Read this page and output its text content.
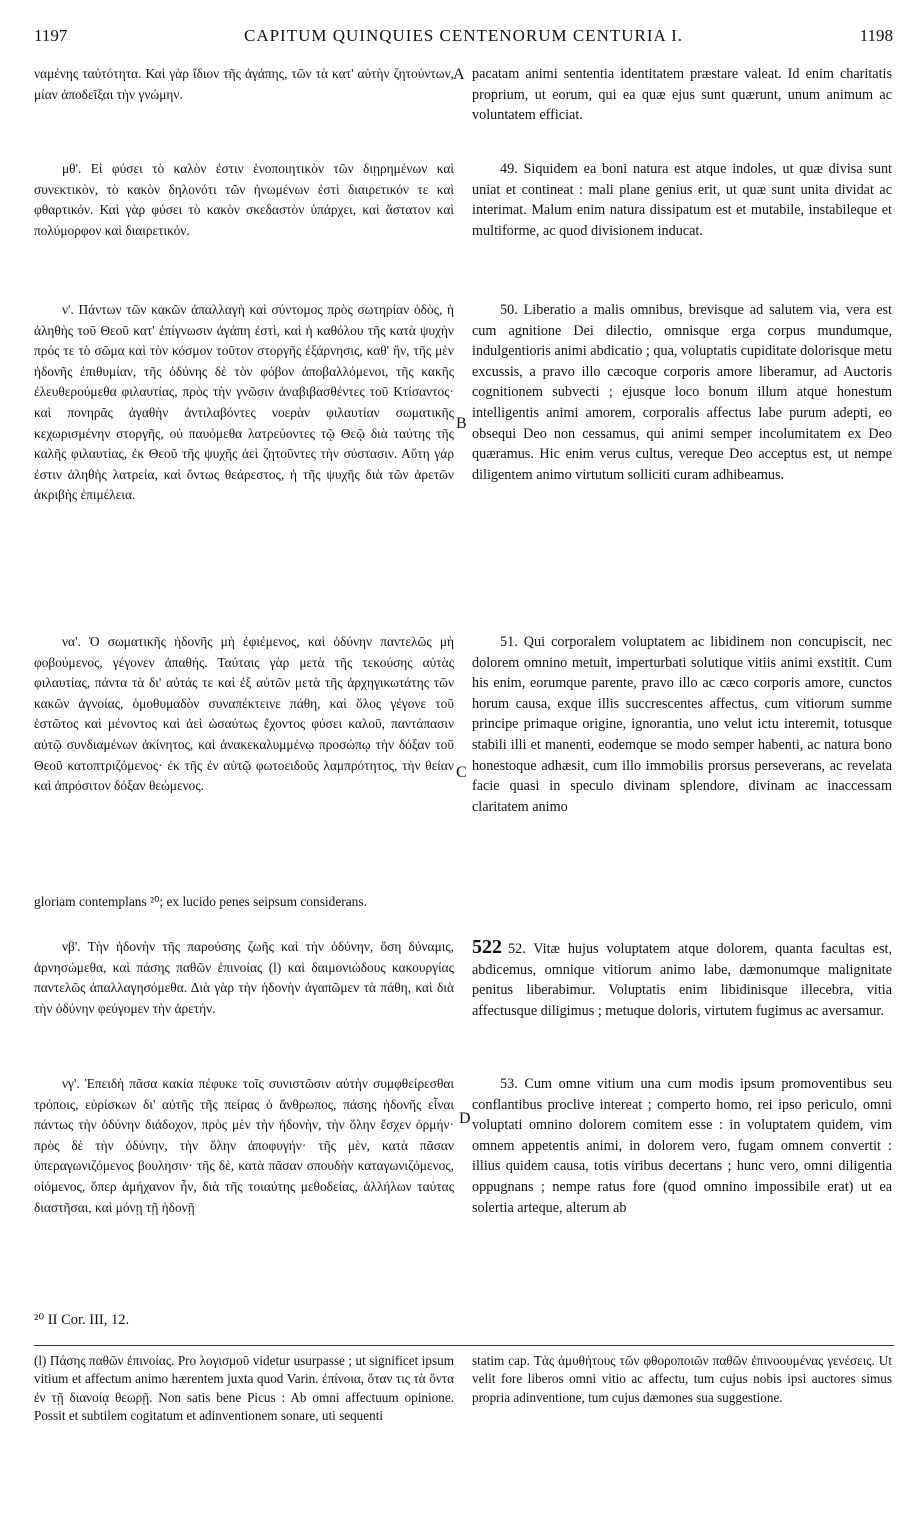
1197	CAPITUM QUINQUIES CENTENORUM CENTURIA I.	1198

ναμένης ταὐτότητα. Καὶ γὰρ ἴδιον τῆς ἀγάπης, τῶν τὰ κατ' αὐτὴν ζητούντων, μίαν ἀποδεῖξαι τὴν γνώμην.

μθ'. Εἰ φύσει τὸ καλὸν ἐστιν ἑνοποιητικὸν τῶν διῃρημένων καὶ συνεκτικὸν, τὸ κακὸν δηλονότι τῶν ἡνωμένων ἐστὶ διαιρετικόν τε καὶ φθαρτικόν. Καὶ γὰρ φύσει τὸ κακὸν σκεδαστὸν ὑπάρχει, καὶ ἄστατον καὶ πολύμορφον καὶ διαιρετικόν.

ν'. Πάντων τῶν κακῶν ἀπαλλαγὴ καὶ σύντομος πρὸς σωτηρίαν ὁδὸς, ἡ ἀληθὴς τοῦ Θεοῦ κατ' ἐπίγνωσιν ἀγάπη ἐστὶ, καὶ ἡ καθόλου τῆς κατὰ ψυχὴν πρός τε τὸ σῶμα καὶ τὸν κόσμον τοῦτον στοργῆς ἐξάρνησις, καθ' ἣν, τῆς μὲν ἡδονῆς ἐπιθυμίαν, τῆς ὀδύνης δὲ τὸν φόβον ἀποβαλλόμενοι, τῆς κακῆς ἐλευθερούμεθα φιλαυτίας, πρὸς τὴν γνῶσιν ἀναβιβασθέντες τοῦ Κτίσαντος· καὶ πονηρᾶς ἀγαθὴν ἀντιλαβόντες νοερὰν φιλαυτίαν σωματικῆς κεχωρισμένην στοργῆς, οὐ παυόμεθα λατρεύοντες τῷ Θεῷ διὰ ταύτης τῆς καλῆς φιλαυτίας, ἐκ Θεοῦ τῆς ψυχῆς ἀεὶ ζητοῦντες τὴν σύστασιν. Αὕτη γάρ ἐστιν ἀληθὴς λατρεία, καὶ ὄντως θεάρεστος, ἡ τῆς ψυχῆς διὰ τῶν ἀρετῶν ἀκριβὴς ἐπιμέλεια.

να'. Ὁ σωματικῆς ἡδονῆς μὴ ἐφιέμενος, καὶ ὀδύνην παντελῶς μὴ φοβούμενος, γέγονεν ἀπαθής. Ταύταις γὰρ μετὰ τῆς τεκούσης αὐτὰς φιλαυτίας, πάντα τὰ δι' αὐτάς τε καὶ ἐξ αὐτῶν μετὰ τῆς ἀρχηγικωτάτης τῶν κακῶν ἀγνοίας, ὁμοθυμαδὸν συναπέκτεινε πάθη, καὶ ὅλος γέγονε τοῦ ἑστῶτος καὶ μένοντος καὶ ἀεὶ ὡσαύτως ἔχοντος φύσει καλοῦ, παντάπασιν αὐτῷ συνδιαμένων ἀκίνητος, καὶ ἀνακεκαλυμμένῳ προσώπῳ τὴν δόξαν τοῦ Θεοῦ κατοπτριζόμενος· ἐκ τῆς ἐν αὐτῷ φωτοειδοῦς λαμπρότητος, τὴν θείαν καὶ ἀπρόσιτον δόξαν θεώμενος.

gloriam contemplans ²⁰; ex lucido penes seipsum considerans.

νβ'. Τὴν ἡδονὴν τῆς παρούσης ζωῆς καὶ τὴν ὀδύνην, ὅση δύναμις, ἀρνησώμεθα, καὶ πάσης παθῶν ἐπινοίας (l) καὶ δαιμονιώδους κακουργίας παντελῶς ἀπαλλαγησόμεθα. Διὰ γὰρ τὴν ἡδονὴν ἀγαπῶμεν τὰ πάθη, καὶ διὰ τὴν ὀδύνην φεύγομεν τὴν ἀρετήν.

νγ'. Ἐπειδὴ πᾶσα κακία πέφυκε τοῖς συνιστῶσιν αὐτὴν συμφθείρεσθαι τρόποις, εὑρίσκων δι' αὐτῆς τῆς πείρας ὁ ἄνθρωπος, πάσης ἡδονῆς εἶναι πάντως τὴν ὀδύνην διάδοχον, πρὸς μὲν τὴν ἡδονὴν, τὴν ὅλην ἔσχεν ὁρμήν· πρὸς δὲ τὴν ὀδύνην, τὴν ὅλην ἀποφυγήν· τῆς μὲν, κατὰ πᾶσαν ὑπεραγωνιζόμενος βουλησιν· τῆς δὲ, κατὰ πᾶσαν σπουδὴν καταγωνιζόμενος, οἰόμενος, ὅπερ ἀμήχανον ἦν, διὰ τῆς τοιαύτης μεθοδείας, ἀλλήλων ταύτας διαστῆσαι, καὶ μόνῃ τῇ ἡδονῇ

A
B
C
D

pacatam animi sententia identitatem præstare valeat. Id enim charitatis proprium, ut eorum, qui ea quæ ejus sunt quærunt, unum animum ac voluntatem efficiat.

49. Siquidem ea boni natura est atque indoles, ut quæ divisa sunt uniat et contineat : mali plane genius erit, ut quæ sunt unita dividat ac interimat. Malum enim natura dissipatum est et mutabile, instabileque et multiforme, ac quod divisionem inducat.

50. Liberatio a malis omnibus, brevisque ad salutem via, vera est cum agnitione Dei dilectio, omnisque erga corpus mundumque, indulgentioris animi abdicatio ; qua, voluptatis cupiditate dolorisque metu excussis, a pravo illo cæcoque corporis amore liberamur, ad Auctoris cognitionem subvecti ; ejusque loco bonum illum atque honestum intelligentis animi amorem, corporalis affectus labe purum adepti, eo obsequi Deo non cessamus, qui animi semper incolumitatem ex Deo quæramus. Hic enim verus cultus, vereque Deo acceptus est, ut nempe diligentem animo virtutum solliciti curam adhibeamus.

51. Qui corporalem voluptatem ac libidinem non concupiscit, nec dolorem omnino metuit, imperturbati solutique vitiis animi exstitit. Cum his enim, eorumque parente, pravo illo ac cæco corporis amore, cunctos horum causa, exque illis succrescentes affectus, cum vitiorum summe principe primaque origine, ignorantia, uno velut ictu interemit, totusque stabili illi et manenti, eodemque se modo semper habenti, ac natura bono honestoque adhæsit, cum illo immobilis prorsus perseverans, ac revelata facie quasi in speculo divinam splendore, divinam ac inaccessam claritatem animo

522 52. Vitæ hujus voluptatem atque dolorem, quanta facultas est, abdicemus, omnique vitiorum animo labe, dæmonumque malignitate penitus liberabimur. Voluptatis enim libidinisque illecebra, vitia affectusque diligimus ; metuque doloris, virtutem fugimus ac aversamur.

53. Cum omne vitium una cum modis ipsum promoventibus seu conflantibus proclive intereat ; comperto homo, rei ipso periculo, omni voluptati omnino dolorem comitem esse : in voluptatem quidem, vim omnem appetentis animi, in dolorem vero, fugam omnem convertit : illius quidem causa, totis viribus decertans ; hunc vero, omni diligentia oppugnans ; nempe ratus fore (quod omnino impossibile erat) ut ea solertia arteque, alterum ab

²⁰ II Cor. III, 12.

(l) Πάσης παθῶν ἐπινοίας. Pro λογισμοῦ videtur usurpasse ; ut significet ipsum vitium et affectum animo hærentem juxta quod Varin. ἐπίνοια, ὅταν τις τὰ ὄντα ἐν τῇ διανοίᾳ θεωρῇ. Non satis bene Picus : Ab omni affectuum opinione. Possit et subtilem cogitatum et adinventionem sonare, uti sequenti

statim cap. Τὰς ἀμυθήτους τῶν φθοροποιῶν παθῶν ἐπινοουμένας γενέσεις. Ut velit fore liberos omni vitio ac affectu, tum cujus nobis ipsi auctores simus propria adinventione, tum cujus dæmones sua suggestione.
